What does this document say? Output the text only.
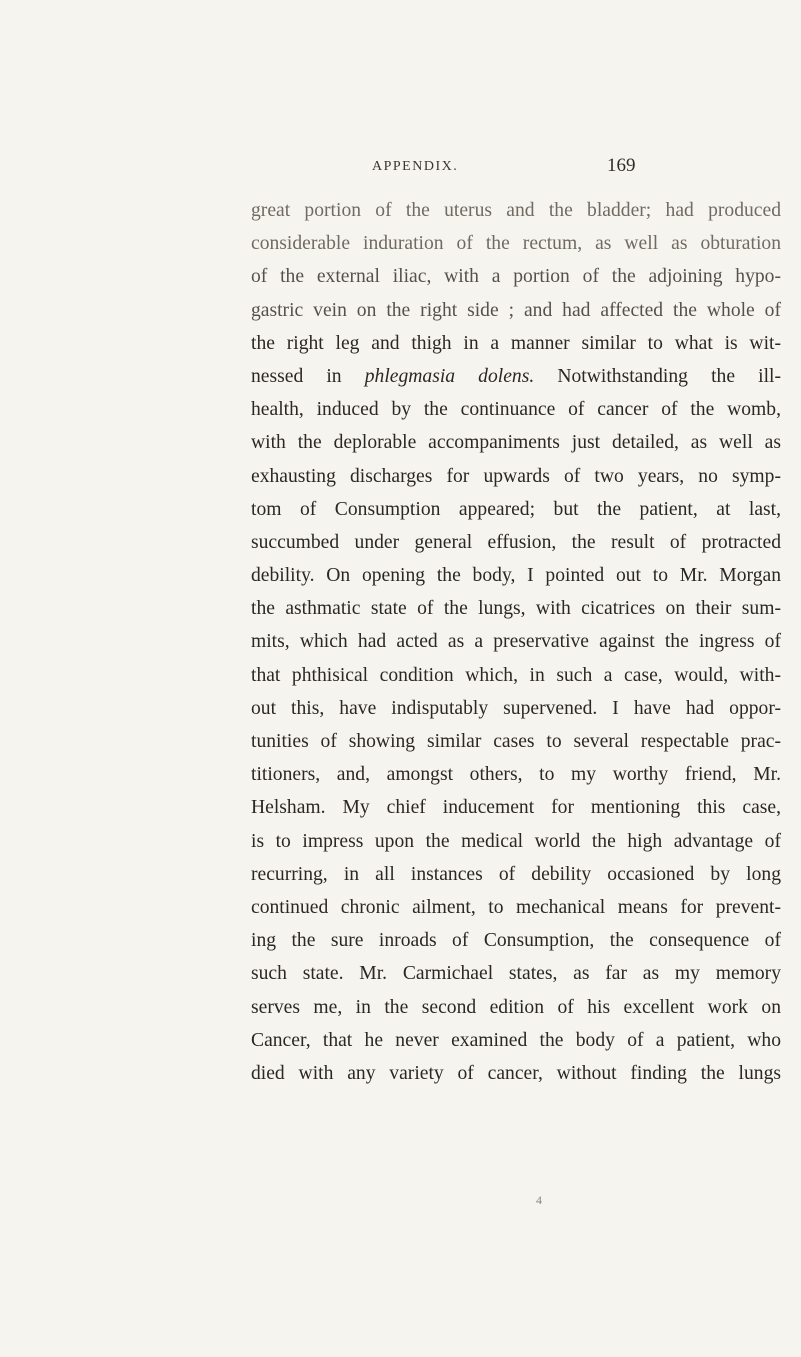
APPENDIX.	169
great portion of the uterus and the bladder; had produced
considerable induration of the rectum, as well as obturation
of the external iliac, with a portion of the adjoining hypo-
gastric vein on the right side ; and had affected the whole of
the right leg and thigh in a manner similar to what is wit-
nessed in phlegmasia dolens. Notwithstanding the ill-
health, induced by the continuance of cancer of the womb,
with the deplorable accompaniments just detailed, as well as
exhausting discharges for upwards of two years, no symp-
tom of Consumption appeared; but the patient, at last,
succumbed under general effusion, the result of protracted
debility. On opening the body, I pointed out to Mr. Morgan
the asthmatic state of the lungs, with cicatrices on their sum-
mits, which had acted as a preservative against the ingress of
that phthisical condition which, in such a case, would, with-
out this, have indisputably supervened. I have had oppor-
tunities of showing similar cases to several respectable prac-
titioners, and, amongst others, to my worthy friend, Mr.
Helsham. My chief inducement for mentioning this case,
is to impress upon the medical world the high advantage of
recurring, in all instances of debility occasioned by long
continued chronic ailment, to mechanical means for prevent-
ing the sure inroads of Consumption, the consequence of
such state. Mr. Carmichael states, as far as my memory
serves me, in the second edition of his excellent work on
Cancer, that he never examined the body of a patient, who
died with any variety of cancer, without finding the lungs
4
